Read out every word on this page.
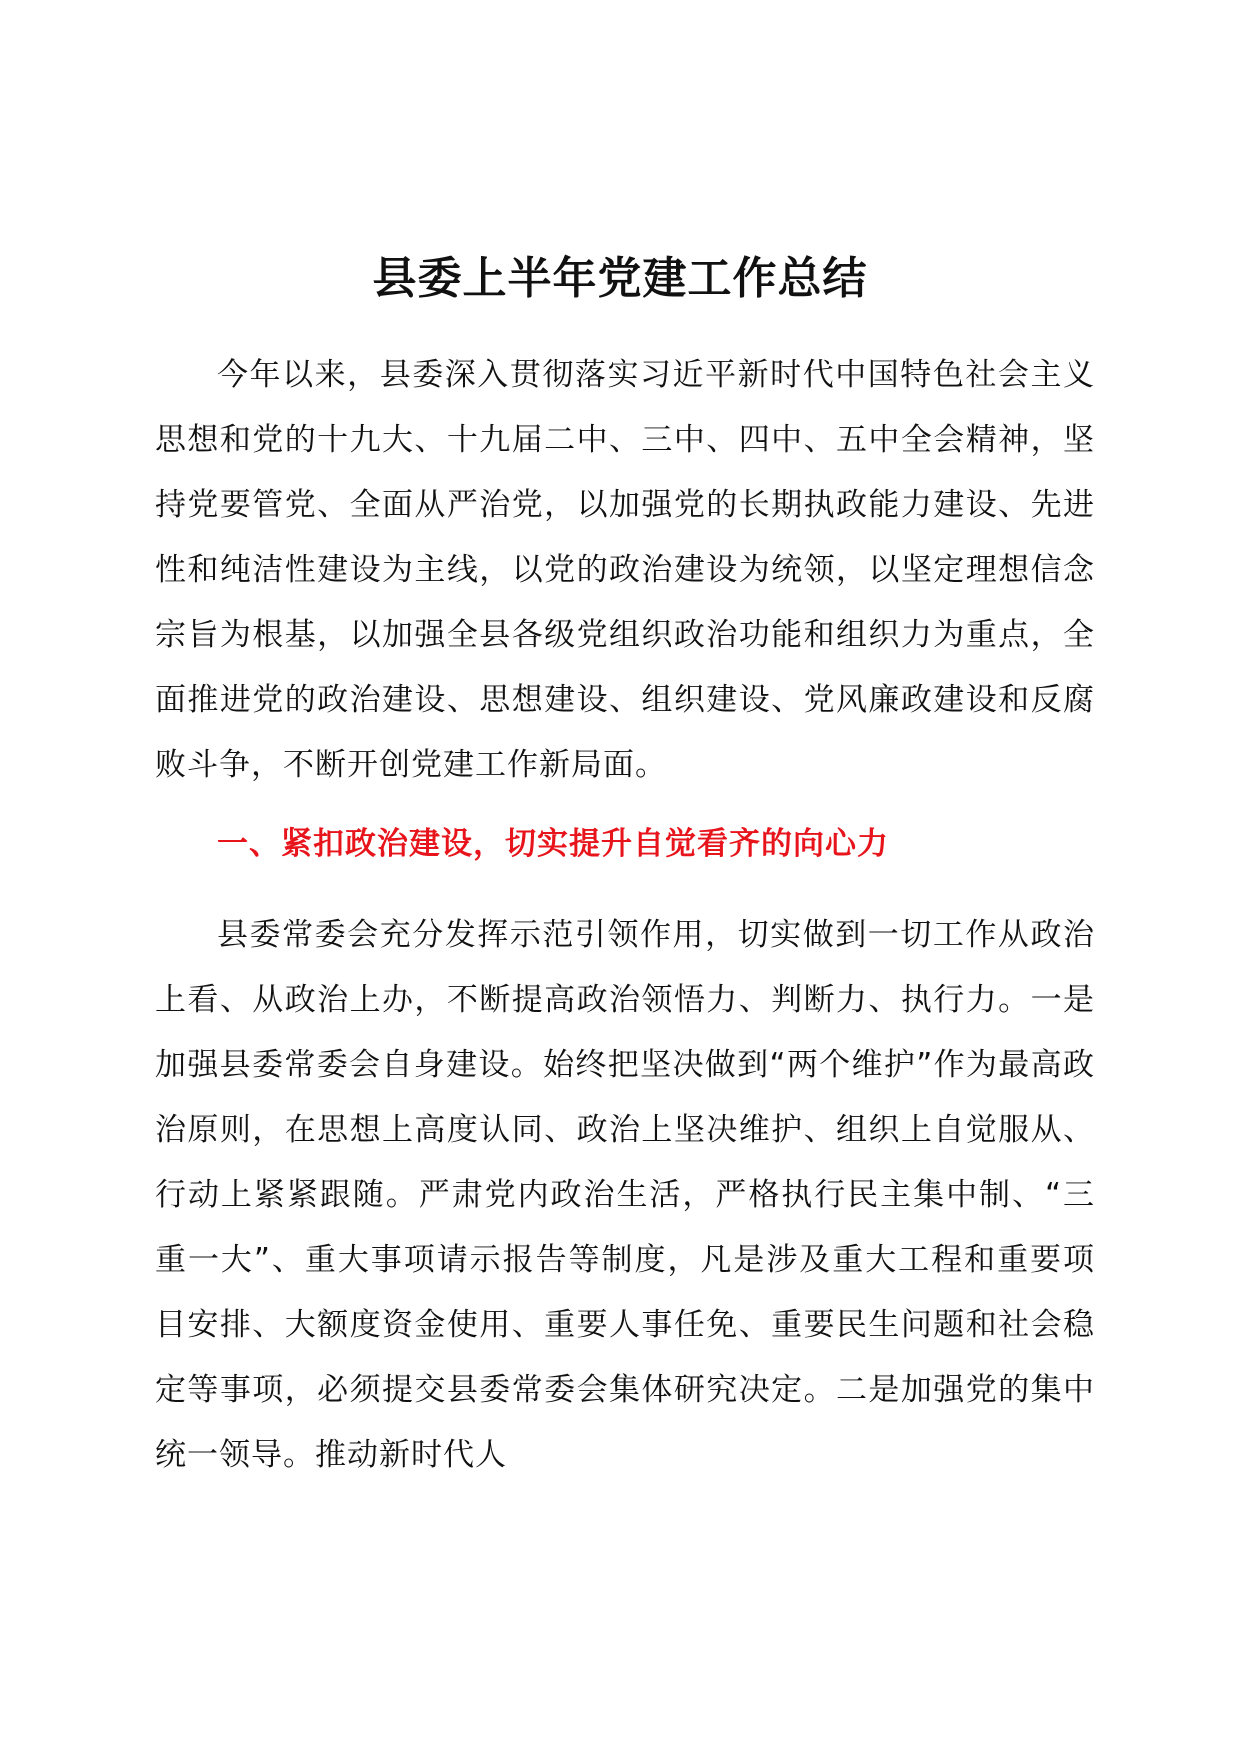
县委上半年党建工作总结

今年以来，县委深入贯彻落实习近平新时代中国特色社会主义思想和党的十九大、十九届二中、三中、四中、五中全会精神，坚持党要管党、全面从严治党，以加强党的长期执政能力建设、先进性和纯洁性建设为主线，以党的政治建设为统领，以坚定理想信念宗旨为根基，以加强全县各级党组织政治功能和组织力为重点，全面推进党的政治建设、思想建设、组织建设、党风廉政建设和反腐败斗争，不断开创党建工作新局面。

一、紧扣政治建设，切实提升自觉看齐的向心力

县委常委会充分发挥示范引领作用，切实做到一切工作从政治上看、从政治上办，不断提高政治领悟力、判断力、执行力。一是加强县委常委会自身建设。始终把坚决做到“两个维护”作为最高政治原则，在思想上高度认同、政治上坚决维护、组织上自觉服从、行动上紧紧跟随。严肃党内政治生活，严格执行民主集中制、“三重一大”、重大事项请示报告等制度，凡是涉及重大工程和重要项目安排、大额度资金使用、重要人事任免、重要民生问题和社会稳定等事项，必须提交县委常委会集体研究决定。二是加强党的集中统一领导。推动新时代人
